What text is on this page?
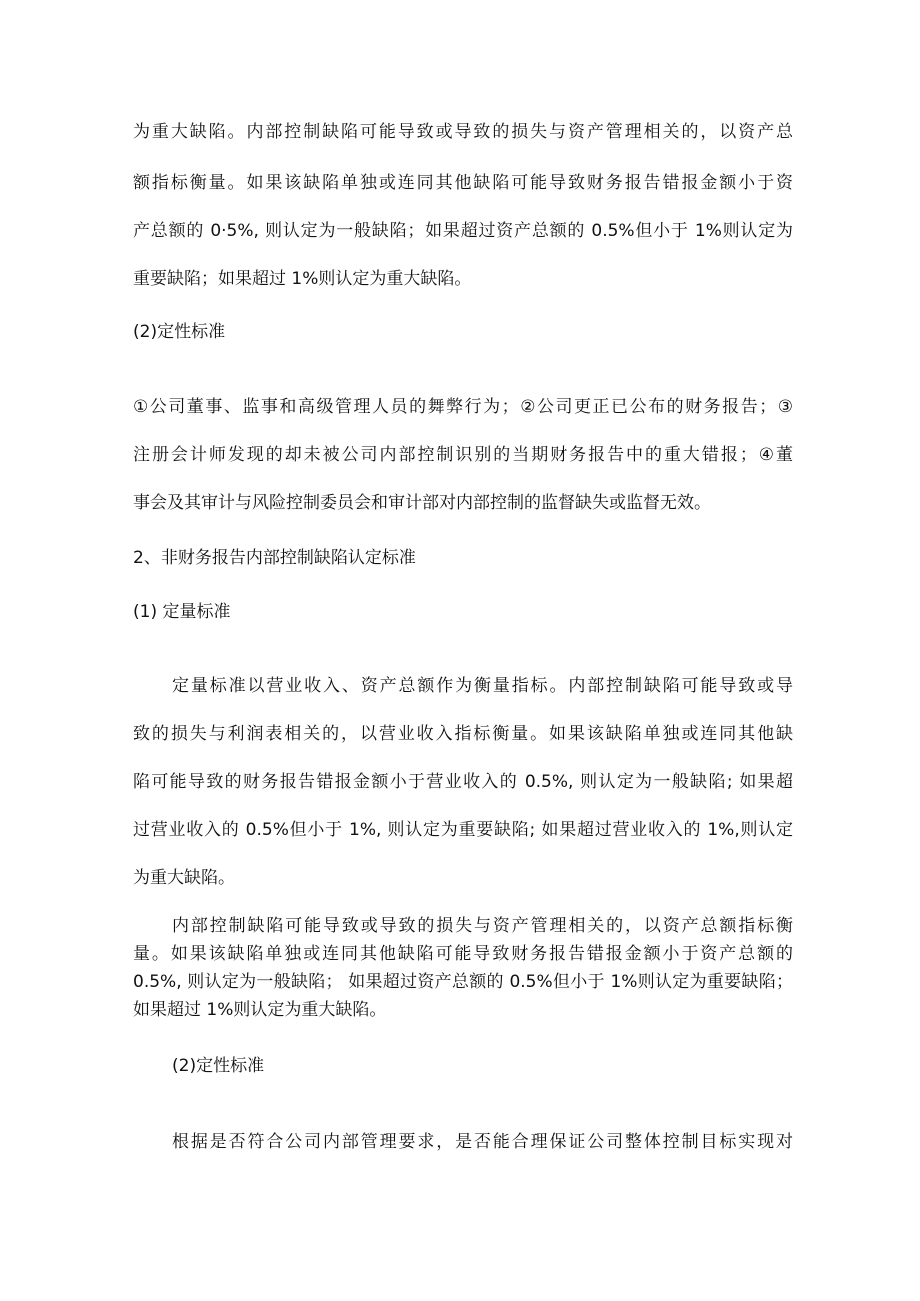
为重大缺陷。内部控制缺陷可能导致或导致的损失与资产管理相关的，以资产总
额指标衡量。如果该缺陷单独或连同其他缺陷可能导致财务报告错报金额小于资
产总额的 0·5%, 则认定为一般缺陷；如果超过资产总额的 0.5%但小于 1%则认定为
重要缺陷；如果超过 1%则认定为重大缺陷。
(2)定性标准
①公司董事、监事和高级管理人员的舞弊行为；②公司更正已公布的财务报告；③
注册会计师发现的却未被公司内部控制识别的当期财务报告中的重大错报；④董
事会及其审计与风险控制委员会和审计部对内部控制的监督缺失或监督无效。
2、非财务报告内部控制缺陷认定标准
(1) 定量标准
定量标准以营业收入、资产总额作为衡量指标。内部控制缺陷可能导致或导
致的损失与利润表相关的，以营业收入指标衡量。如果该缺陷单独或连同其他缺
陷可能导致的财务报告错报金额小于营业收入的 0.5%, 则认定为一般缺陷; 如果超
过营业收入的 0.5%但小于 1%, 则认定为重要缺陷; 如果超过营业收入的 1%,则认定
为重大缺陷。
内部控制缺陷可能导致或导致的损失与资产管理相关的，以资产总额指标衡
量。如果该缺陷单独或连同其他缺陷可能导致财务报告错报金额小于资产总额的
0.5%, 则认定为一般缺陷； 如果超过资产总额的 0.5%但小于 1%则认定为重要缺陷；
如果超过 1%则认定为重大缺陷。
(2)定性标准
根据是否符合公司内部管理要求，是否能合理保证公司整体控制目标实现对
